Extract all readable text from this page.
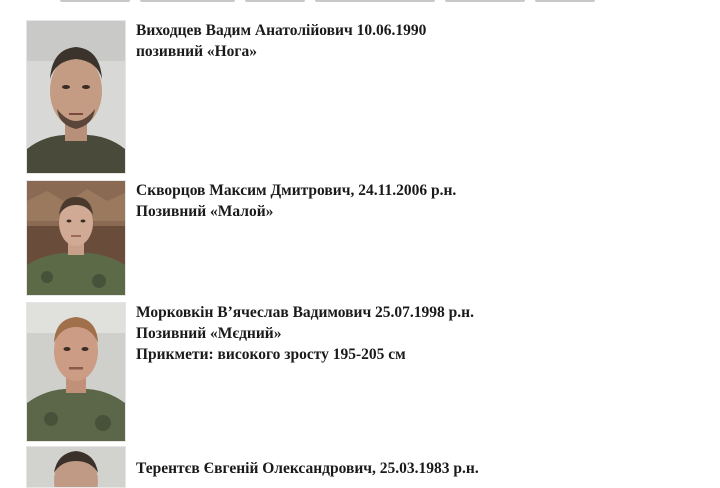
Виходцев Вадим Анатолійович 10.06.1990
позивний «Нога»
Скворцов Максим Дмитрович, 24.11.2006 р.н.
Позивний «Малой»
Морковкін В’ячеслав Вадимович 25.07.1998 р.н.
Позивний «Мєдний»
Прикмети: високого зросту 195-205 см
Терентєв Євгеній Олександрович, 25.03.1983 р.н.
